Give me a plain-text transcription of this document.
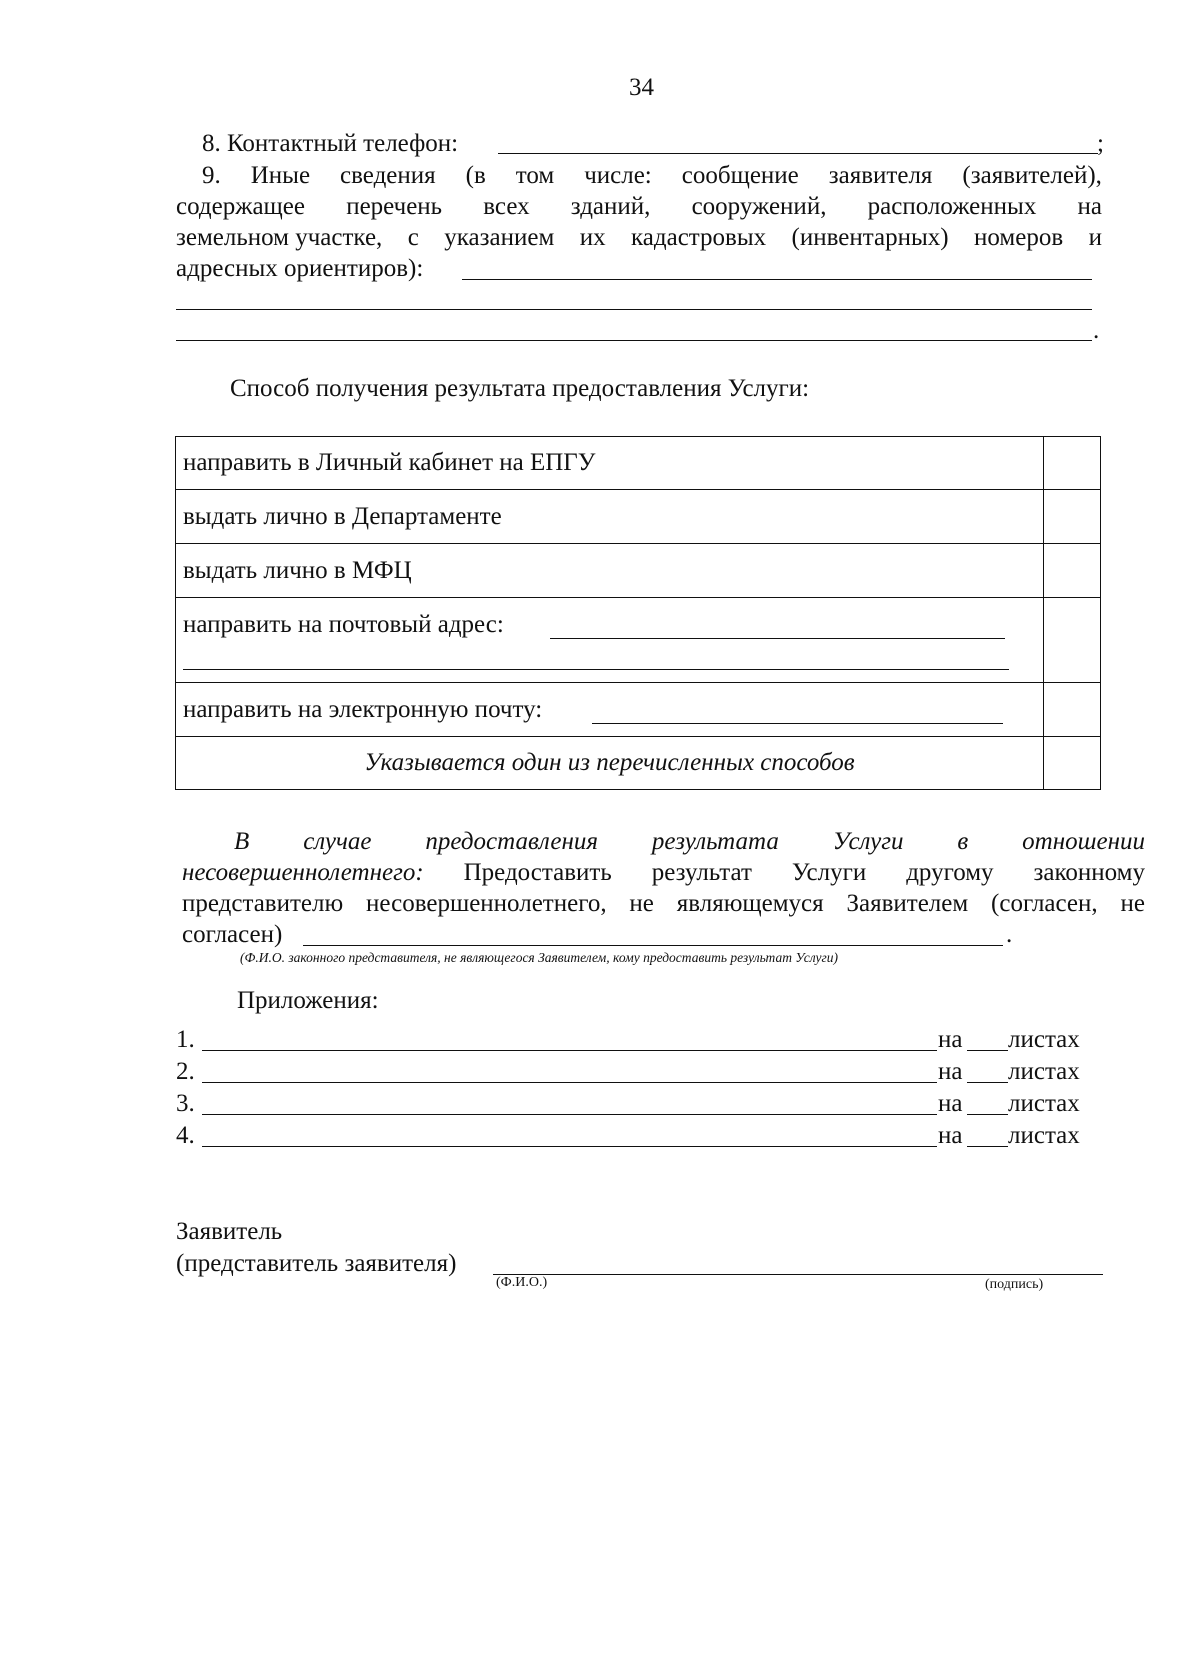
34
8. Контактный телефон:	;
9. Иные сведения (в том числе: сообщение заявителя (заявителей),
содержащее перечень всех зданий, сооружений, расположенных на
земельном участке, с указанием их кадастровых (инвентарных) номеров и
адресных ориентиров):
.
Способ получения результата предоставления Услуги:
направить в Личный кабинет на ЕПГУ	
выдать лично в Департаменте	
выдать лично в МФЦ	
направить на почтовый адрес:

направить на электронную почту:

Указывается один из перечисленных способов	
В случае предоставления результата Услуги в отношении
несовершеннолетнего: Предоставить результат Услуги другому законному
представителю несовершеннолетнего, не являющемуся Заявителем (согласен, не
согласен)	.
(Ф.И.О. законного представителя, не являющегося Заявителем, кому предоставить результат Услуги)
Приложения:
1.	на листах
2.	на листах
3.	на листах
4.	на листах
Заявитель
(представитель заявителя)
(Ф.И.О.)	(подпись)
